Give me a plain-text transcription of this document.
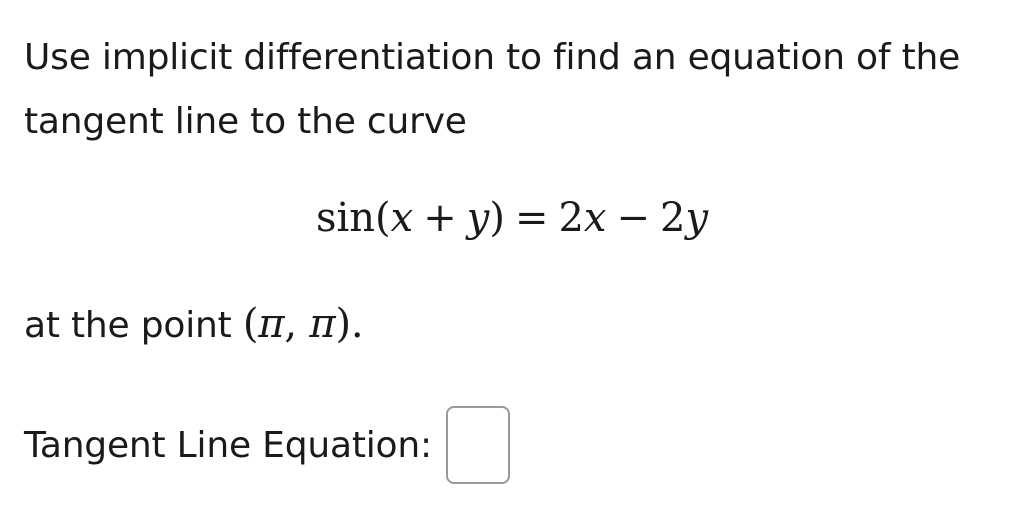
Use implicit differentiation to find an equation of the tangent line to the curve
sin(x + y) = 2x − 2y
at the point (π, π).
Tangent Line Equation:
